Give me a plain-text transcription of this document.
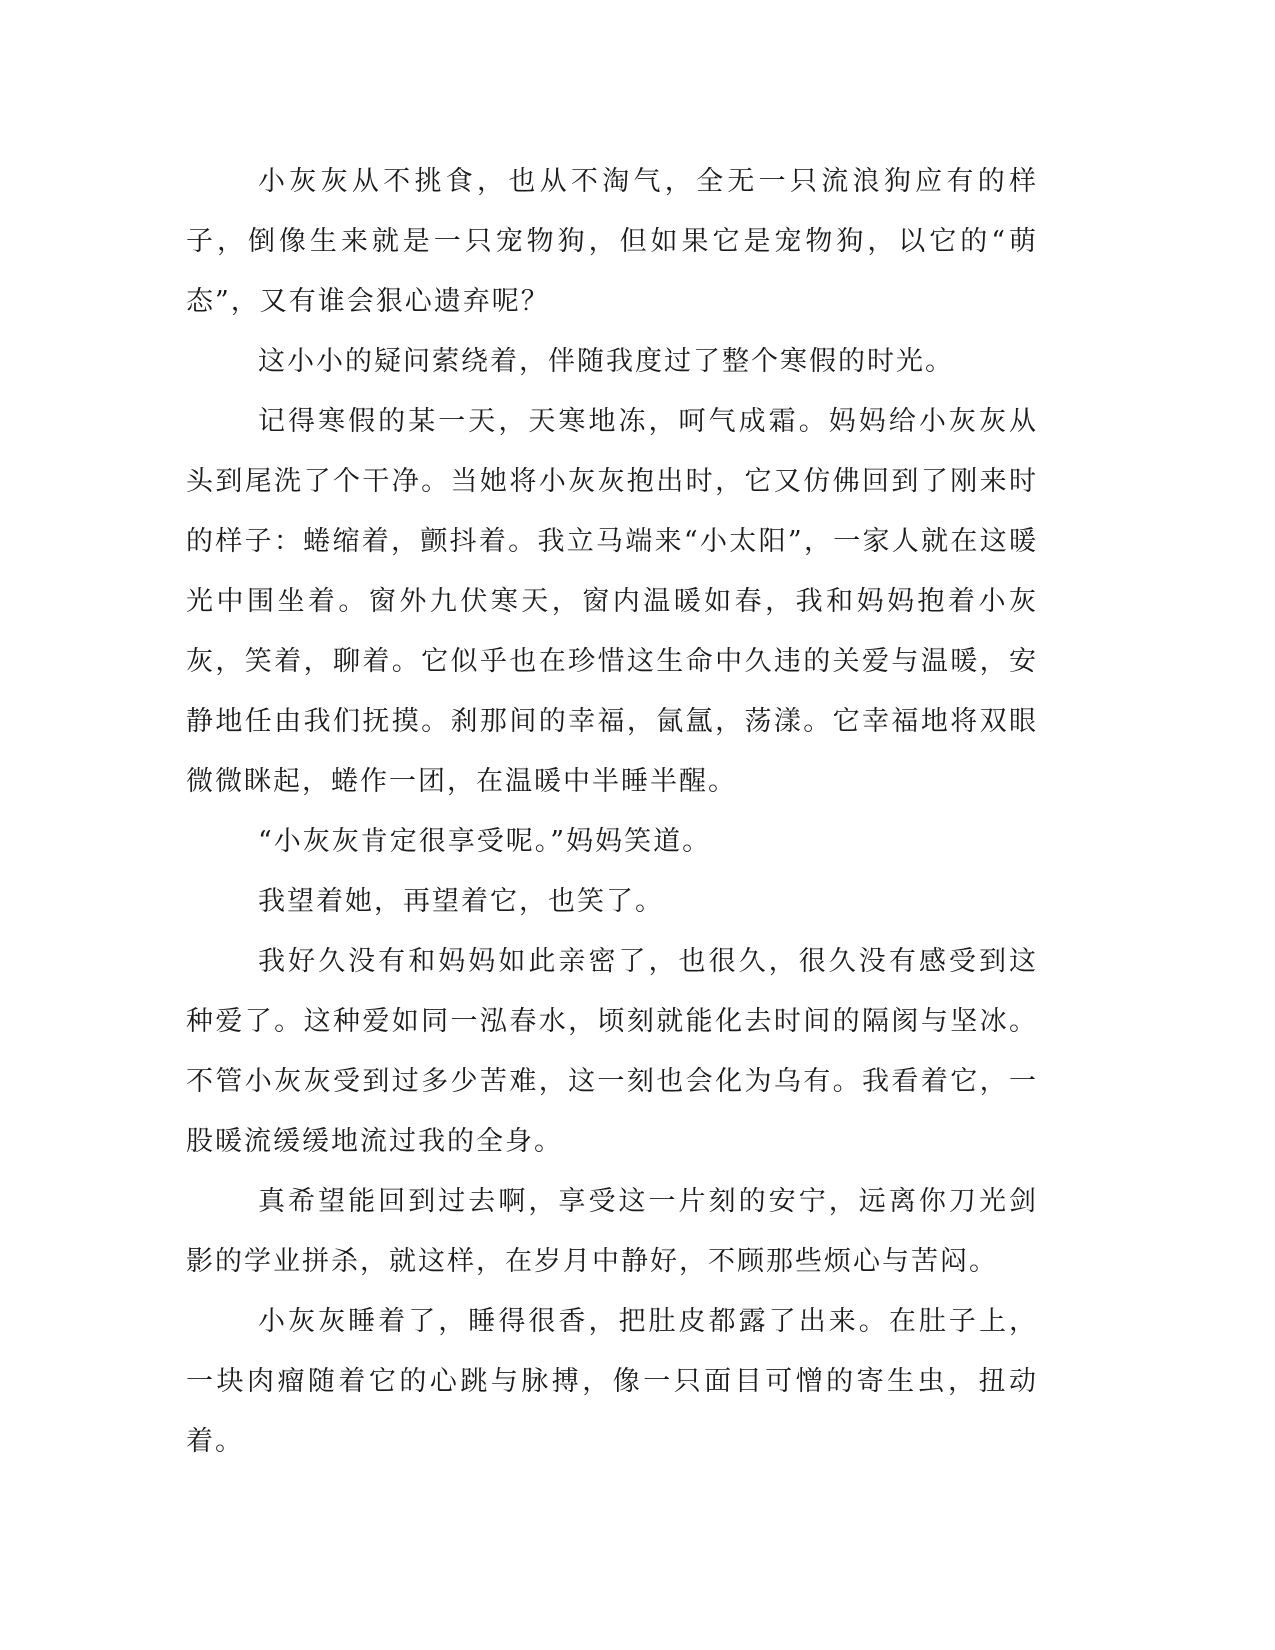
小灰灰从不挑食，也从不淘气，全无一只流浪狗应有的样子，倒像生来就是一只宠物狗，但如果它是宠物狗，以它的“萌态”，又有谁会狠心遗弃呢？

这小小的疑问萦绕着，伴随我度过了整个寒假的时光。

记得寒假的某一天，天寒地冻，呵气成霜。妈妈给小灰灰从头到尾洗了个干净。当她将小灰灰抱出时，它又仿佛回到了刚来时的样子：蜷缩着，颤抖着。我立马端来“小太阳”，一家人就在这暖光中围坐着。窗外九伏寒天，窗内温暖如春，我和妈妈抱着小灰灰，笑着，聊着。它似乎也在珍惜这生命中久违的关爱与温暖，安静地任由我们抚摸。刹那间的幸福，氤氲，荡漾。它幸福地将双眼微微眯起，蜷作一团，在温暖中半睡半醒。

“小灰灰肯定很享受呢。”妈妈笑道。

我望着她，再望着它，也笑了。

我好久没有和妈妈如此亲密了，也很久，很久没有感受到这种爱了。这种爱如同一泓春水，顷刻就能化去时间的隔阂与坚冰。不管小灰灰受到过多少苦难，这一刻也会化为乌有。我看着它，一股暖流缓缓地流过我的全身。

真希望能回到过去啊，享受这一片刻的安宁，远离你刀光剑影的学业拼杀，就这样，在岁月中静好，不顾那些烦心与苦闷。

小灰灰睡着了，睡得很香，把肚皮都露了出来。在肚子上，一块肉瘤随着它的心跳与脉搏，像一只面目可憎的寄生虫，扭动着。
